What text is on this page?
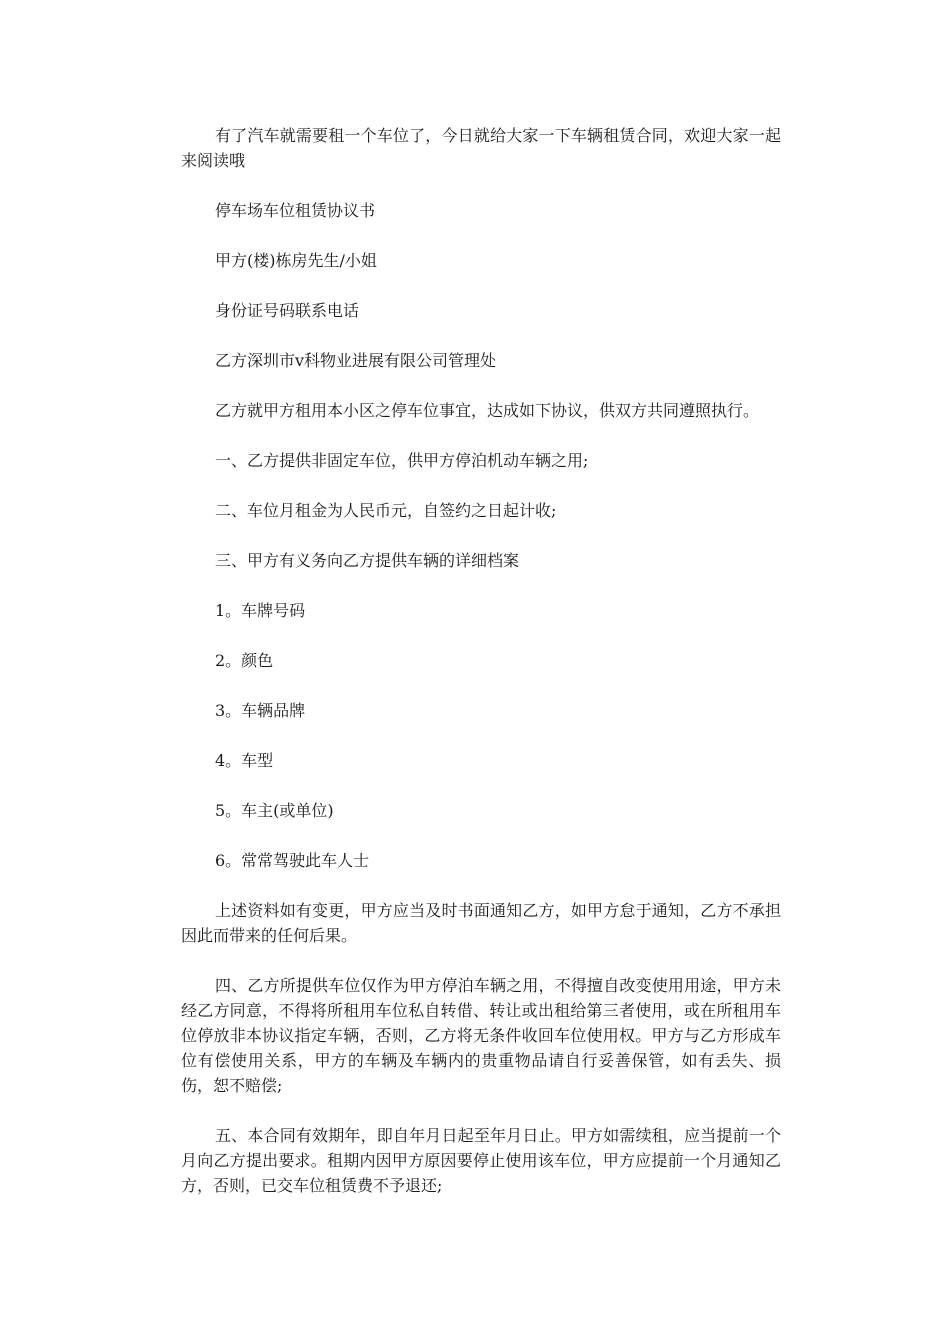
有了汽车就需要租一个车位了，今日就给大家一下车辆租赁合同，欢迎大家一起来阅读哦

停车场车位租赁协议书

甲方(楼)栋房先生/小姐

身份证号码联系电话

乙方深圳市v科物业进展有限公司管理处

乙方就甲方租用本小区之停车位事宜，达成如下协议，供双方共同遵照执行。

一、乙方提供非固定车位，供甲方停泊机动车辆之用;

二、车位月租金为人民币元，自签约之日起计收;

三、甲方有义务向乙方提供车辆的详细档案

1。车牌号码

2。颜色

3。车辆品牌

4。车型

5。车主(或单位)

6。常常驾驶此车人士

上述资料如有变更，甲方应当及时书面通知乙方，如甲方怠于通知，乙方不承担因此而带来的任何后果。

四、乙方所提供车位仅作为甲方停泊车辆之用，不得擅自改变使用用途，甲方未经乙方同意，不得将所租用车位私自转借、转让或出租给第三者使用，或在所租用车位停放非本协议指定车辆，否则，乙方将无条件收回车位使用权。甲方与乙方形成车位有偿使用关系，甲方的车辆及车辆内的贵重物品请自行妥善保管，如有丢失、损伤，恕不赔偿;

五、本合同有效期年，即自年月日起至年月日止。甲方如需续租，应当提前一个月向乙方提出要求。租期内因甲方原因要停止使用该车位，甲方应提前一个月通知乙方，否则，已交车位租赁费不予退还;
